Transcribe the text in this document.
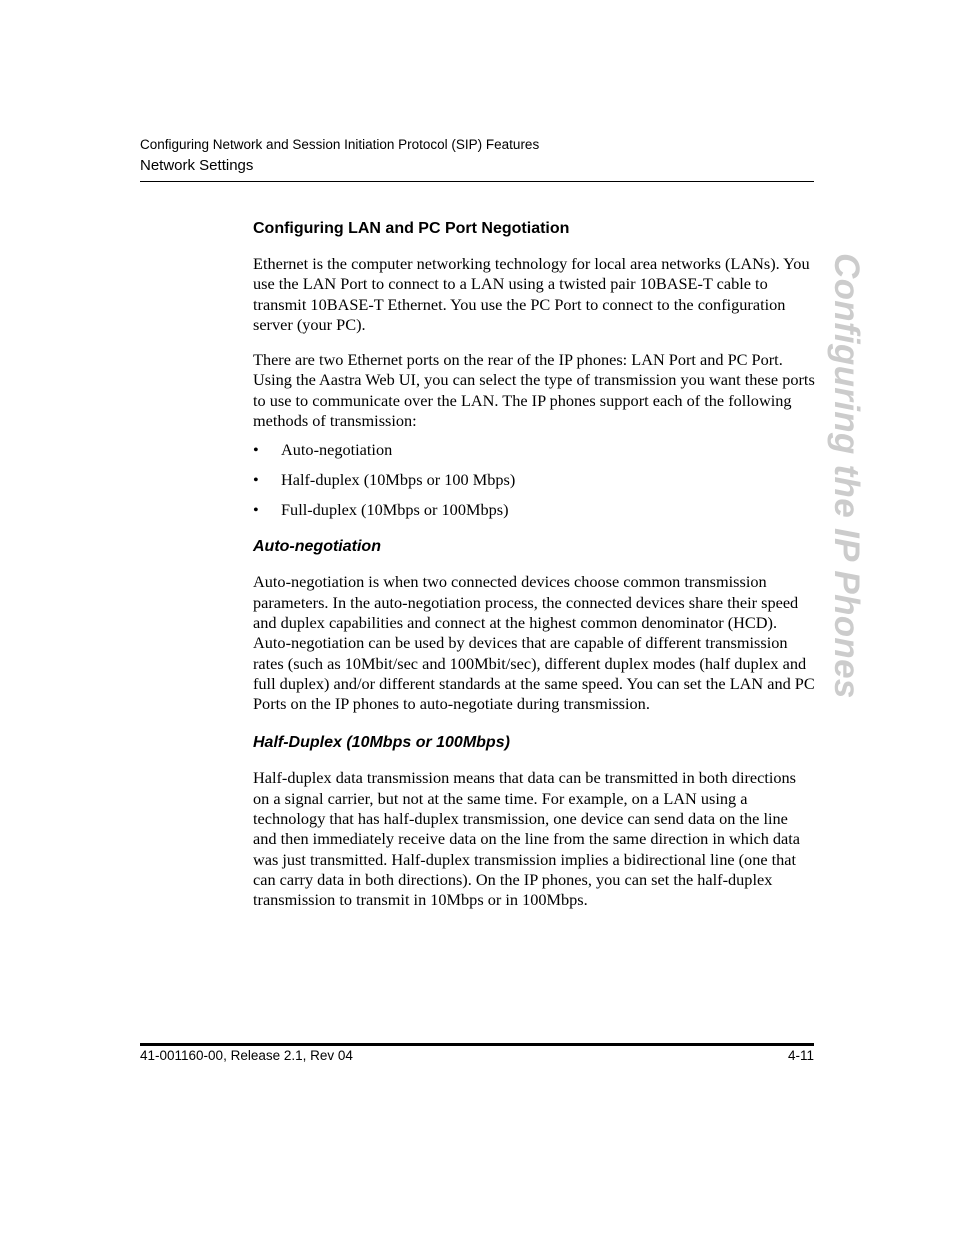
Configuring Network and Session Initiation Protocol (SIP) Features
Network Settings
Configuring the IP Phones
Configuring LAN and PC Port Negotiation

Ethernet is the computer networking technology for local area networks (LANs). You use the LAN Port to connect to a LAN using a twisted pair 10BASE-T cable to transmit 10BASE-T Ethernet. You use the PC Port to connect to the configuration server (your PC).

There are two Ethernet ports on the rear of the IP phones: LAN Port and PC Port. Using the Aastra Web UI, you can select the type of transmission you want these ports to use to communicate over the LAN. The IP phones support each of the following methods of transmission:

• Auto-negotiation
• Half-duplex (10Mbps or 100 Mbps)
• Full-duplex (10Mbps or 100Mbps)
Auto-negotiation

Auto-negotiation is when two connected devices choose common transmission parameters. In the auto-negotiation process, the connected devices share their speed and duplex capabilities and connect at the highest common denominator (HCD). Auto-negotiation can be used by devices that are capable of different transmission rates (such as 10Mbit/sec and 100Mbit/sec), different duplex modes (half duplex and full duplex) and/or different standards at the same speed. You can set the LAN and PC Ports on the IP phones to auto-negotiate during transmission.

Half-Duplex (10Mbps or 100Mbps)

Half-duplex data transmission means that data can be transmitted in both directions on a signal carrier, but not at the same time. For example, on a LAN using a technology that has half-duplex transmission, one device can send data on the line and then immediately receive data on the line from the same direction in which data was just transmitted. Half-duplex transmission implies a bidirectional line (one that can carry data in both directions). On the IP phones, you can set the half-duplex transmission to transmit in 10Mbps or in 100Mbps.

41-001160-00, Release 2.1, Rev 04	4-11
